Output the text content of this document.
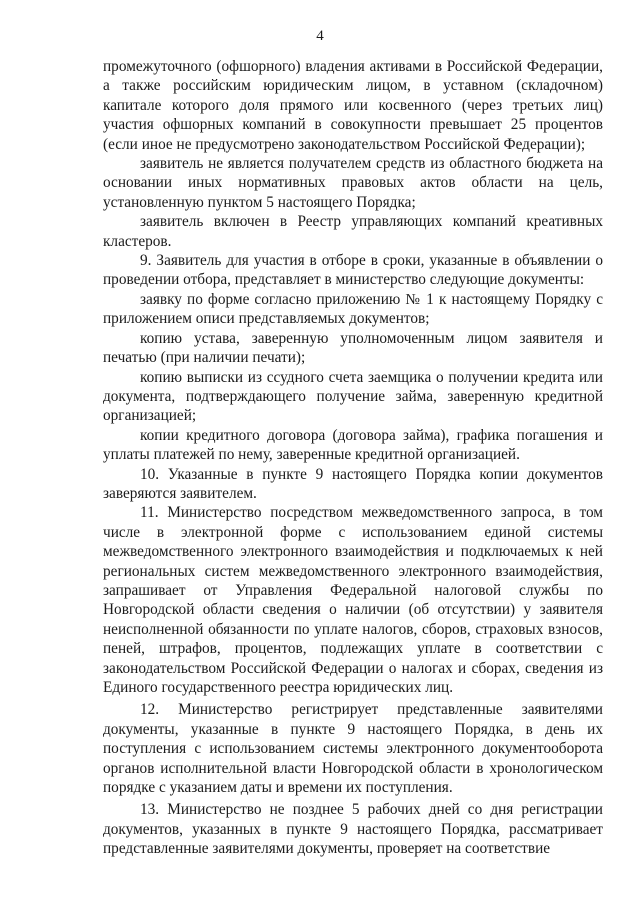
4

промежуточного (офшорного) владения активами в Российской Федерации, а также российским юридическим лицом, в уставном (складочном) капитале которого доля прямого или косвенного (через третьих лиц) участия офшорных компаний в совокупности превышает 25 процентов (если иное не предусмотрено законодательством Российской Федерации);

заявитель не является получателем средств из областного бюджета на основании иных нормативных правовых актов области на цель, установленную пунктом 5 настоящего Порядка;

заявитель включен в Реестр управляющих компаний креативных кластеров.

9. Заявитель для участия в отборе в сроки, указанные в объявлении о проведении отбора, представляет в министерство следующие документы:

заявку по форме согласно приложению № 1 к настоящему Порядку с приложением описи представляемых документов;

копию устава, заверенную уполномоченным лицом заявителя и печатью (при наличии печати);

копию выписки из ссудного счета заемщика о получении кредита или документа, подтверждающего получение займа, заверенную кредитной организацией;

копии кредитного договора (договора займа), графика погашения и уплаты платежей по нему, заверенные кредитной организацией.

10. Указанные в пункте 9 настоящего Порядка копии документов заверяются заявителем.

11. Министерство посредством межведомственного запроса, в том числе в электронной форме с использованием единой системы межведомственного электронного взаимодействия и подключаемых к ней региональных систем межведомственного электронного взаимодействия, запрашивает от Управления Федеральной налоговой службы по Новгородской области сведения о наличии (об отсутствии) у заявителя неисполненной обязанности по уплате налогов, сборов, страховых взносов, пеней, штрафов, процентов, подлежащих уплате в соответствии с законодательством Российской Федерации о налогах и сборах, сведения из Единого государственного реестра юридических лиц.

12. Министерство регистрирует представленные заявителями документы, указанные в пункте 9 настоящего Порядка, в день их поступления с использованием системы электронного документооборота органов исполнительной власти Новгородской области в хронологическом порядке с указанием даты и времени их поступления.

13. Министерство не позднее 5 рабочих дней со дня регистрации документов, указанных в пункте 9 настоящего Порядка, рассматривает представленные заявителями документы, проверяет на соответствие
